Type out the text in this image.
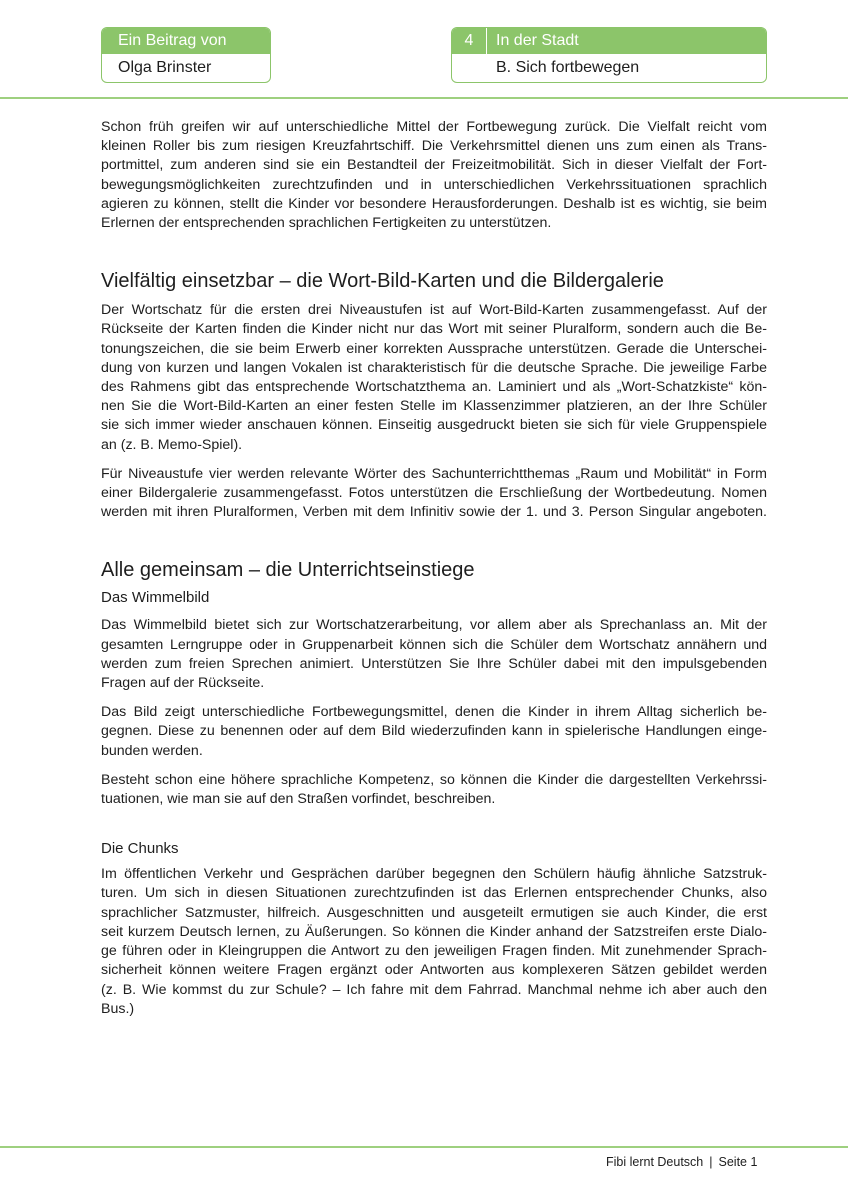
Ein Beitrag von
Olga Brinster
4	In der Stadt
B. Sich fortbewegen

Schon früh greifen wir auf unterschiedliche Mittel der Fortbewegung zurück. Die Vielfalt reicht vom
kleinen Roller bis zum riesigen Kreuzfahrtschiff. Die Verkehrsmittel dienen uns zum einen als Trans-
portmittel, zum anderen sind sie ein Bestandteil der Freizeitmobilität. Sich in dieser Vielfalt der Fort-
bewegungsmöglichkeiten zurechtzufinden und in unterschiedlichen Verkehrssituationen sprachlich
agieren zu können, stellt die Kinder vor besondere Herausforderungen. Deshalb ist es wichtig, sie beim
Erlernen der entsprechenden sprachlichen Fertigkeiten zu unterstützen.

Vielfältig einsetzbar – die Wort-Bild-Karten und die Bildergalerie

Der Wortschatz für die ersten drei Niveaustufen ist auf Wort-Bild-Karten zusammengefasst. Auf der
Rückseite der Karten finden die Kinder nicht nur das Wort mit seiner Pluralform, sondern auch die Be-
tonungszeichen, die sie beim Erwerb einer korrekten Aussprache unterstützen. Gerade die Unterschei-
dung von kurzen und langen Vokalen ist charakteristisch für die deutsche Sprache. Die jeweilige Farbe
des Rahmens gibt das entsprechende Wortschatzthema an. Laminiert und als „Wort-Schatzkiste“ kön-
nen Sie die Wort-Bild-Karten an einer festen Stelle im Klassenzimmer platzieren, an der Ihre Schüler
sie sich immer wieder anschauen können. Einseitig ausgedruckt bieten sie sich für viele Gruppenspiele
an (z. B. Memo-Spiel).

Für Niveaustufe vier werden relevante Wörter des Sachunterrichtthemas „Raum und Mobilität“ in Form
einer Bildergalerie zusammengefasst. Fotos unterstützen die Erschließung der Wortbedeutung. Nomen
werden mit ihren Pluralformen, Verben mit dem Infinitiv sowie der 1. und 3. Person Singular angeboten.

Alle gemeinsam – die Unterrichtseinstiege
Das Wimmelbild

Das Wimmelbild bietet sich zur Wortschatzerarbeitung, vor allem aber als Sprechanlass an. Mit der
gesamten Lerngruppe oder in Gruppenarbeit können sich die Schüler dem Wortschatz annähern und
werden zum freien Sprechen animiert. Unterstützen Sie Ihre Schüler dabei mit den impulsgebenden
Fragen auf der Rückseite.

Das Bild zeigt unterschiedliche Fortbewegungsmittel, denen die Kinder in ihrem Alltag sicherlich be-
gegnen. Diese zu benennen oder auf dem Bild wiederzufinden kann in spielerische Handlungen einge-
bunden werden.

Besteht schon eine höhere sprachliche Kompetenz, so können die Kinder die dargestellten Verkehrssi-
tuationen, wie man sie auf den Straßen vorfindet, beschreiben.

Die Chunks

Im öffentlichen Verkehr und Gesprächen darüber begegnen den Schülern häufig ähnliche Satzstruk-
turen. Um sich in diesen Situationen zurechtzufinden ist das Erlernen entsprechender Chunks, also
sprachlicher Satzmuster, hilfreich. Ausgeschnitten und ausgeteilt ermutigen sie auch Kinder, die erst
seit kurzem Deutsch lernen, zu Äußerungen. So können die Kinder anhand der Satzstreifen erste Dialo-
ge führen oder in Kleingruppen die Antwort zu den jeweiligen Fragen finden. Mit zunehmender Sprach-
sicherheit können weitere Fragen ergänzt oder Antworten aus komplexeren Sätzen gebildet werden
(z. B. Wie kommst du zur Schule? – Ich fahre mit dem Fahrrad. Manchmal nehme ich aber auch den
Bus.)

Fibi lernt Deutsch | Seite 1
